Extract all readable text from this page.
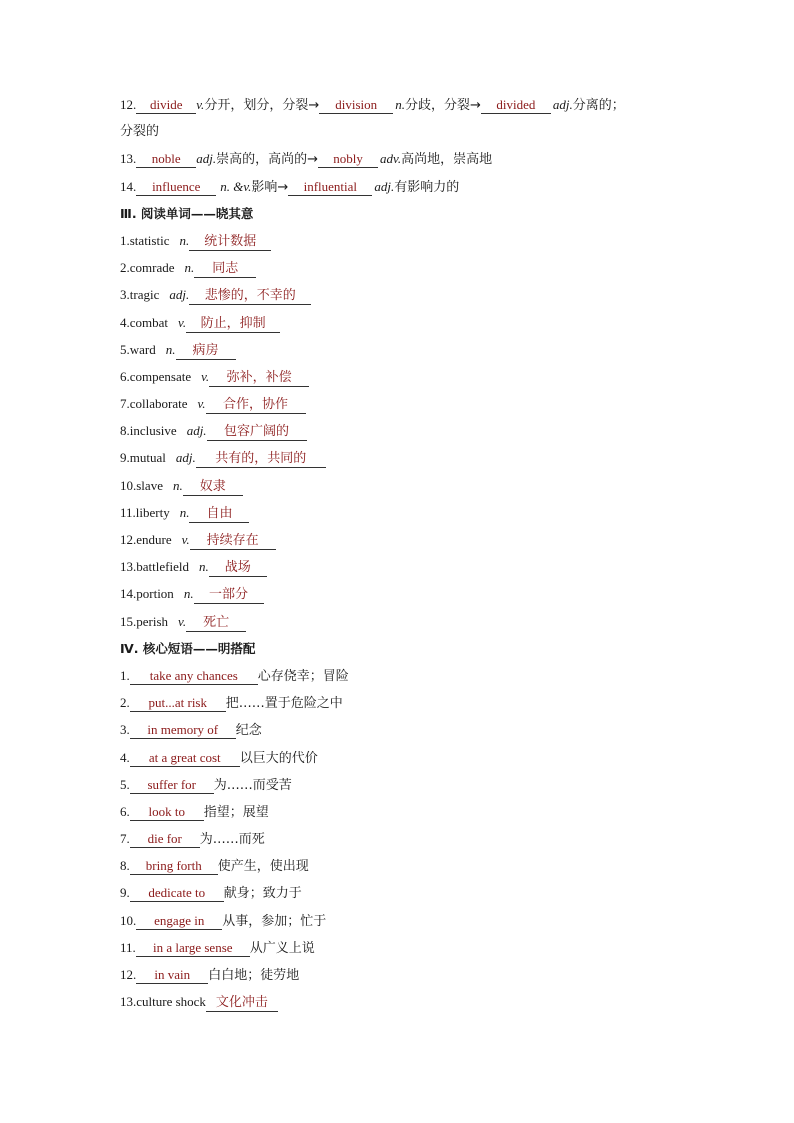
12. divide v.分开，划分，分裂→ division n.分歧，分裂→ divided adj.分离的；
分裂的
13. noble adj.崇高的，高尚的→ nobly adv.高尚地，崇高地
14. influence n. &v.影响→ influential adj.有影响力的
Ⅲ. 阅读单词——晓其意
1.statistic n. 统计数据
2.comrade n. 同志
3.tragic adj. 悲惨的，不幸的
4.combat v. 防止，抑制
5.ward n. 病房
6.compensate v. 弥补，补偿
7.collaborate v. 合作，协作
8.inclusive adj. 包容广阔的
9.mutual adj. 共有的，共同的
10.slave n. 奴隶
11.liberty n. 自由
12.endure v. 持续存在
13.battlefield n. 战场
14.portion n. 一部分
15.perish v. 死亡
Ⅳ. 核心短语——明搭配
1. take any chances 心存侥幸；冒险
2. put...at risk 把……置于危险之中
3. in memory of 纪念
4. at a great cost 以巨大的代价
5. suffer for 为……而受苦
6. look to 指望；展望
7. die for 为……而死
8. bring forth 使产生，使出现
9. dedicate to 献身；致力于
10. engage in 从事，参加；忙于
11. in a large sense 从广义上说
12. in vain 白白地；徒劳地
13.culture shock 文化冲击
